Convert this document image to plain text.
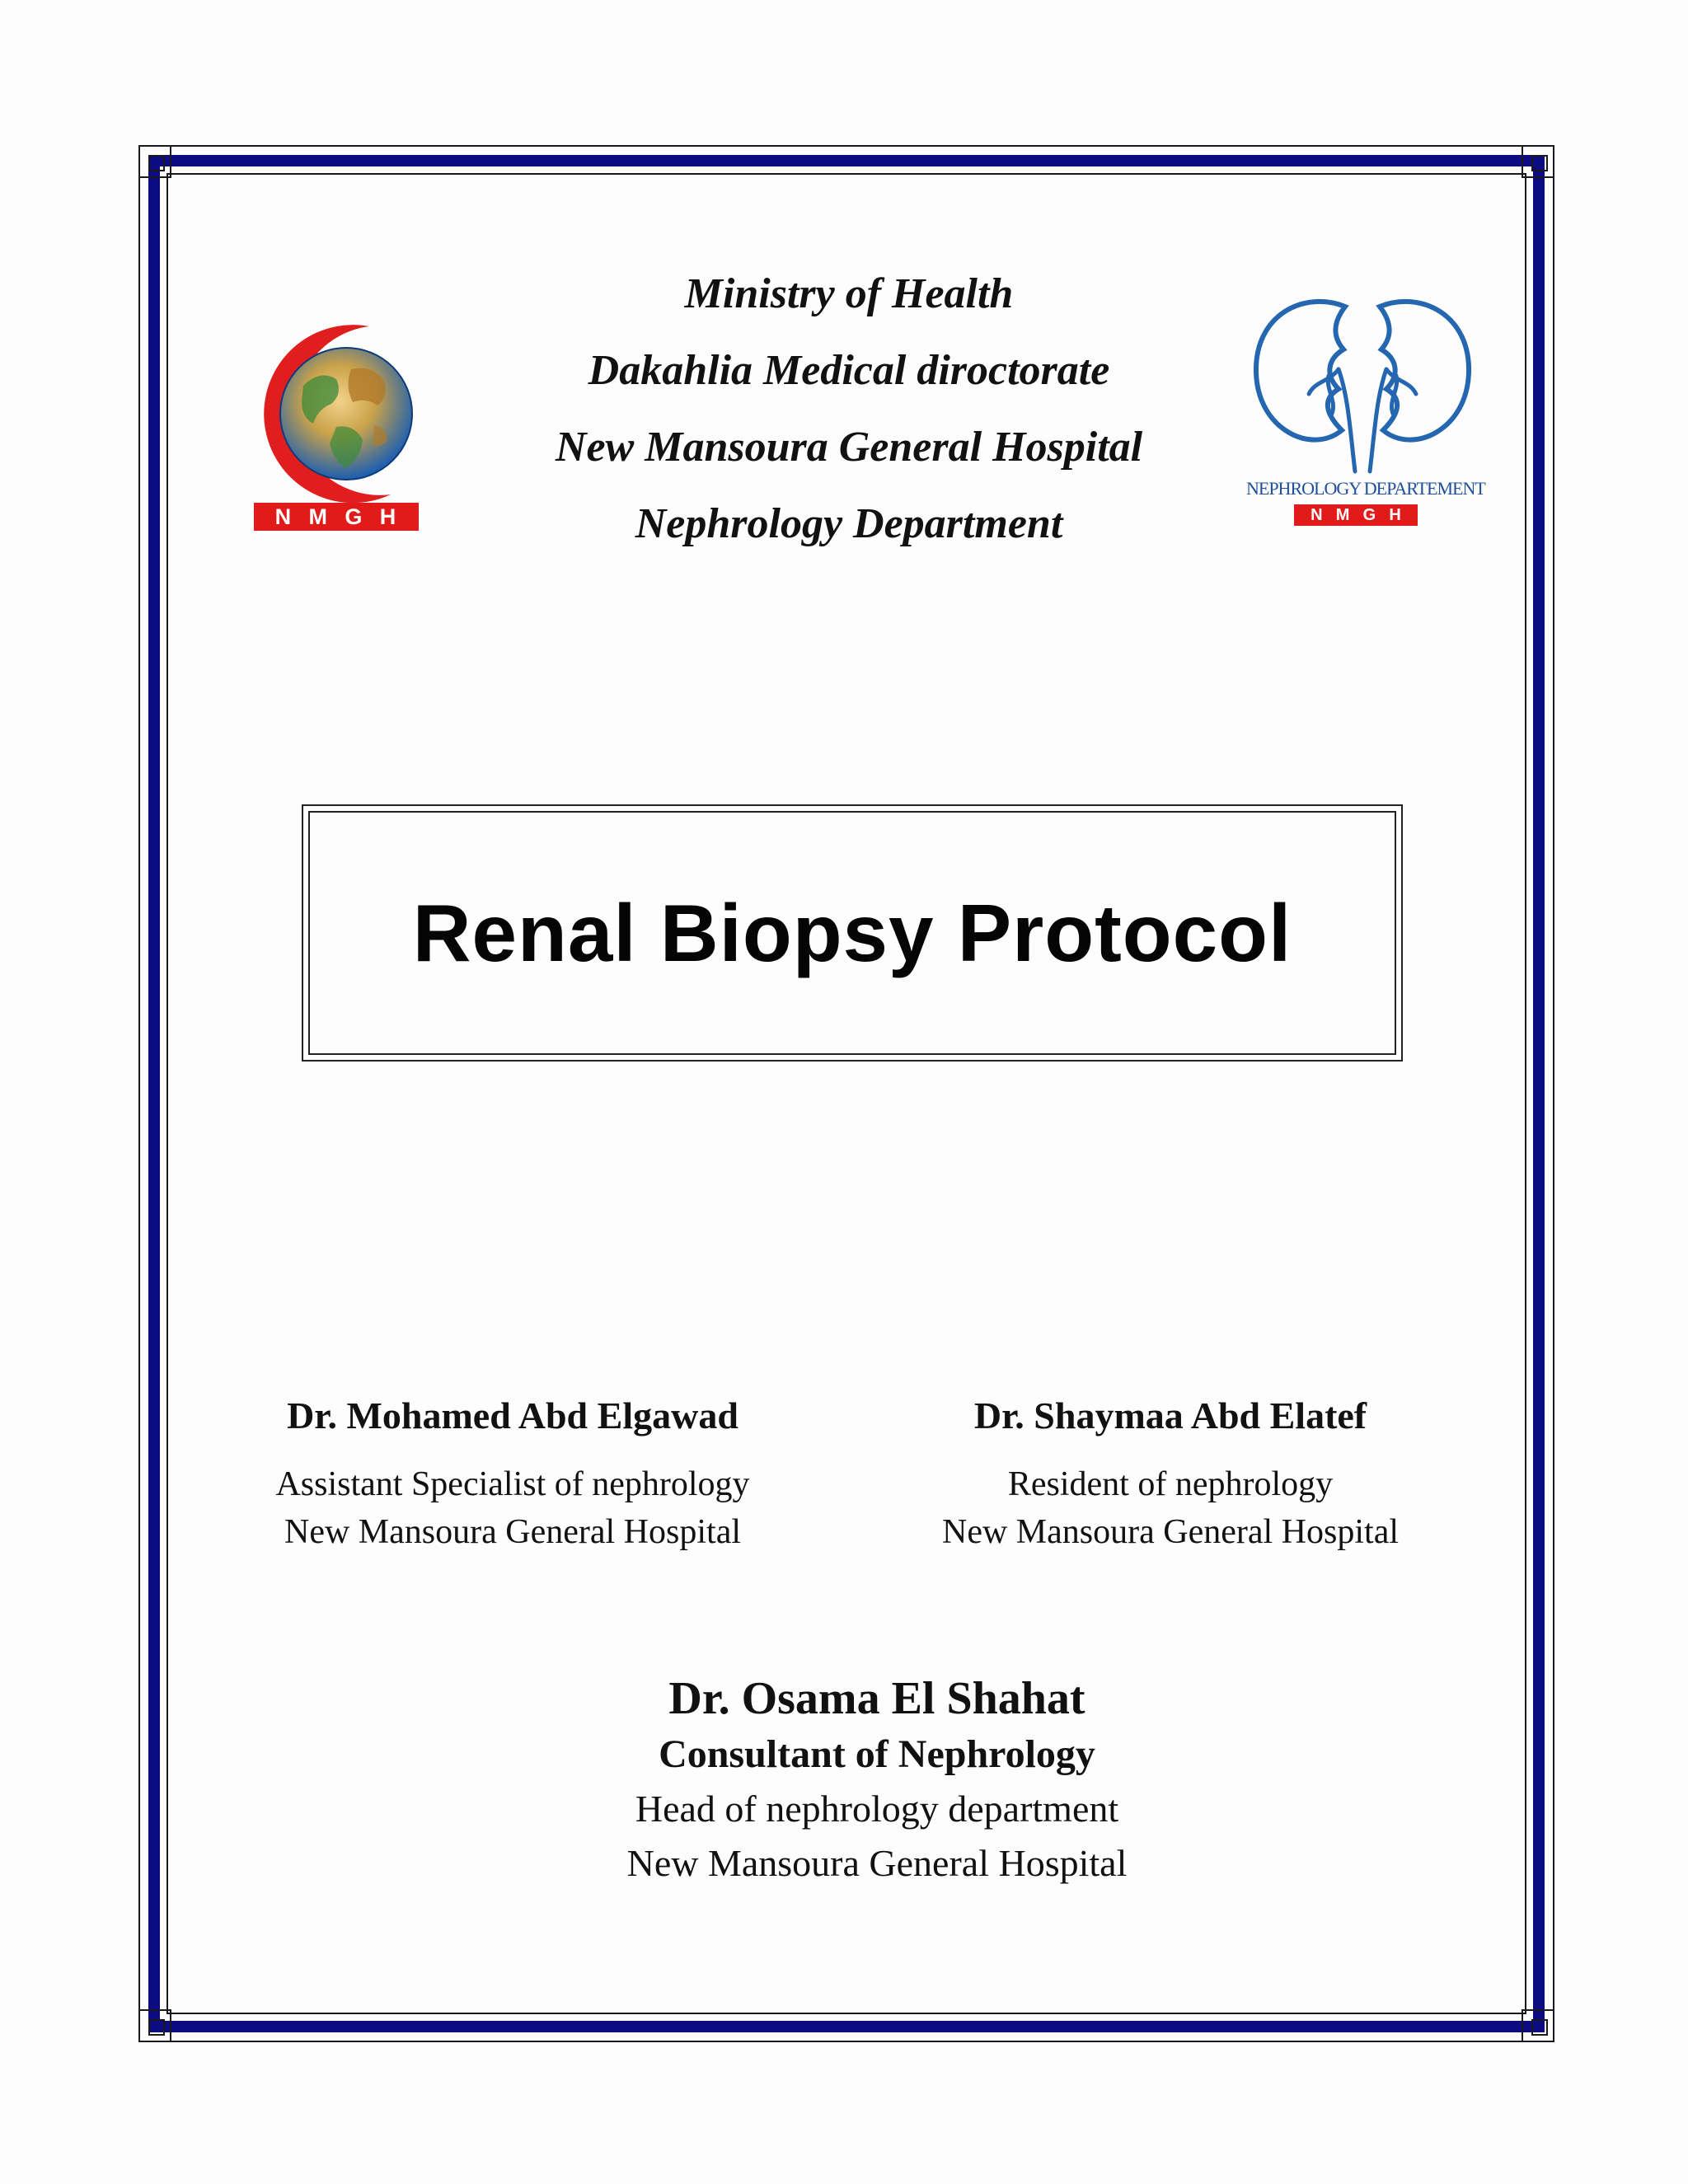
N M G H
Ministry of Health
Dakahlia Medical diroctorate
New Mansoura General Hospital
Nephrology Department
NEPHROLOGY DEPARTEMENT
N M G H
Renal Biopsy Protocol
Dr. Mohamed Abd Elgawad
Assistant Specialist of nephrology
New Mansoura General Hospital
Dr. Shaymaa Abd Elatef
Resident of nephrology
New Mansoura General Hospital
Dr. Osama El Shahat
Consultant of Nephrology
Head of nephrology department
New Mansoura General Hospital
